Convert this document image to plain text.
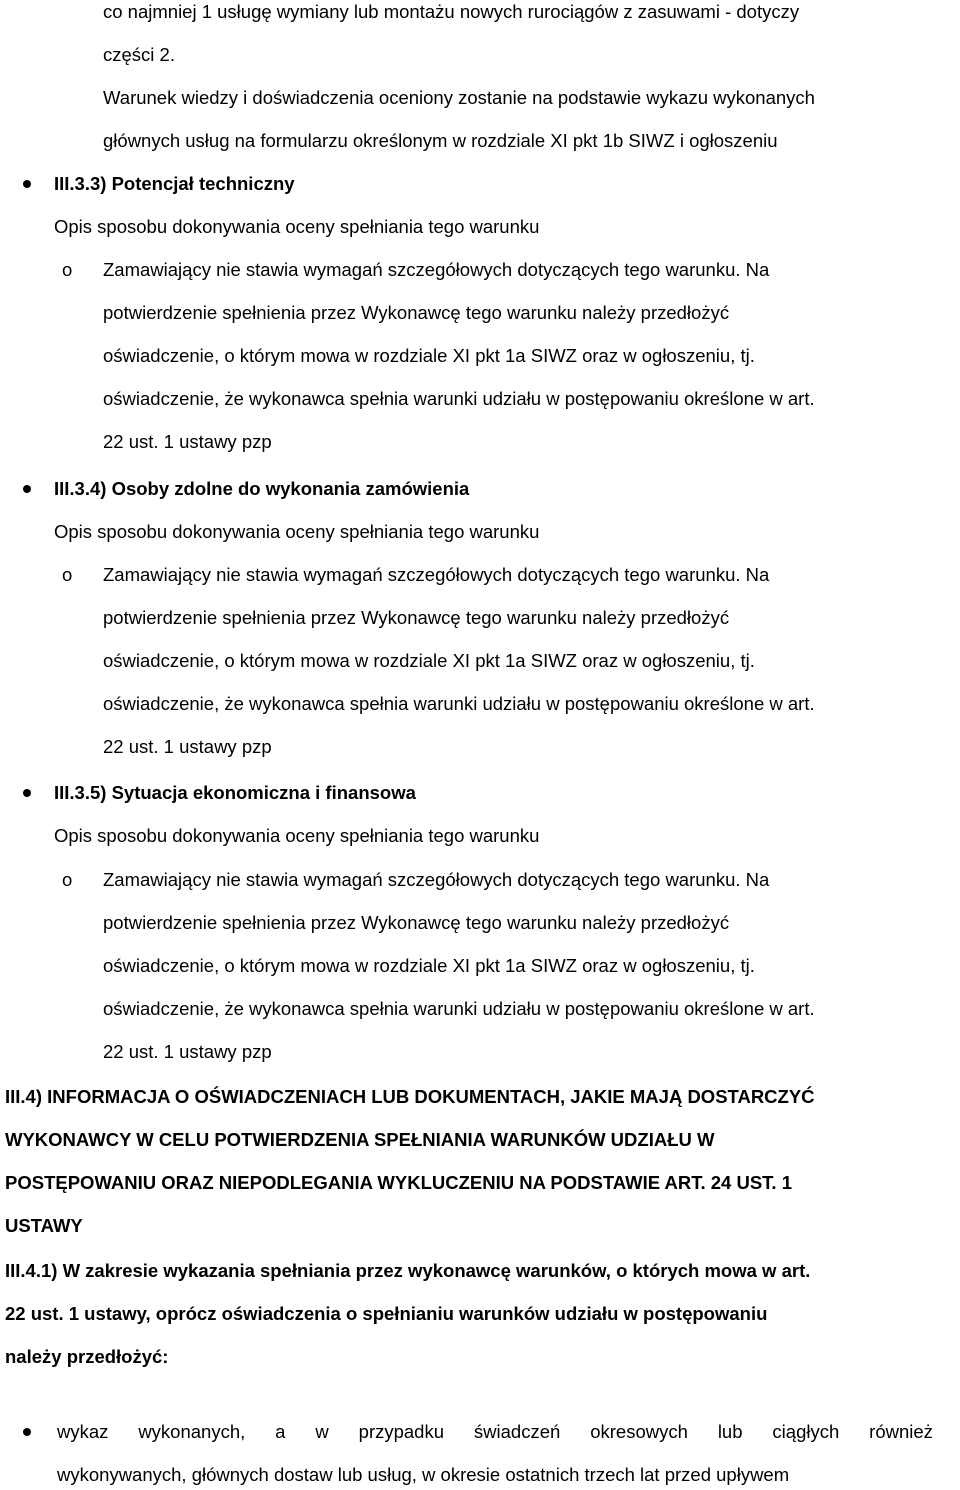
co najmniej 1 usługę wymiany lub montażu nowych rurociągów z zasuwami - dotyczy
części 2.
Warunek wiedzy i doświadczenia oceniony zostanie na podstawie wykazu wykonanych
głównych usług na formularzu określonym w rozdziale XI pkt 1b SIWZ i ogłoszeniu
III.3.3) Potencjał techniczny
Opis sposobu dokonywania oceny spełniania tego warunku
o Zamawiający nie stawia wymagań szczegółowych dotyczących tego warunku. Na
potwierdzenie spełnienia przez Wykonawcę tego warunku należy przedłożyć
oświadczenie, o którym mowa w rozdziale XI pkt 1a SIWZ oraz w ogłoszeniu, tj.
oświadczenie, że wykonawca spełnia warunki udziału w postępowaniu określone w art.
22 ust. 1 ustawy pzp
III.3.4) Osoby zdolne do wykonania zamówienia
Opis sposobu dokonywania oceny spełniania tego warunku
o Zamawiający nie stawia wymagań szczegółowych dotyczących tego warunku. Na
potwierdzenie spełnienia przez Wykonawcę tego warunku należy przedłożyć
oświadczenie, o którym mowa w rozdziale XI pkt 1a SIWZ oraz w ogłoszeniu, tj.
oświadczenie, że wykonawca spełnia warunki udziału w postępowaniu określone w art.
22 ust. 1 ustawy pzp
III.3.5) Sytuacja ekonomiczna i finansowa
Opis sposobu dokonywania oceny spełniania tego warunku
o Zamawiający nie stawia wymagań szczegółowych dotyczących tego warunku. Na
potwierdzenie spełnienia przez Wykonawcę tego warunku należy przedłożyć
oświadczenie, o którym mowa w rozdziale XI pkt 1a SIWZ oraz w ogłoszeniu, tj.
oświadczenie, że wykonawca spełnia warunki udziału w postępowaniu określone w art.
22 ust. 1 ustawy pzp
III.4) INFORMACJA O OŚWIADCZENIACH LUB DOKUMENTACH, JAKIE MAJĄ DOSTARCZYĆ
WYKONAWCY W CELU POTWIERDZENIA SPEŁNIANIA WARUNKÓW UDZIAŁU W
POSTĘPOWANIU ORAZ NIEPODLEGANIA WYKLUCZENIU NA PODSTAWIE ART. 24 UST. 1
USTAWY
III.4.1) W zakresie wykazania spełniania przez wykonawcę warunków, o których mowa w art.
22 ust. 1 ustawy, oprócz oświadczenia o spełnianiu warunków udziału w postępowaniu
należy przedłożyć:
wykaz wykonanych, a w przypadku świadczeń okresowych lub ciągłych również
wykonywanych, głównych dostaw lub usług, w okresie ostatnich trzech lat przed upływem
